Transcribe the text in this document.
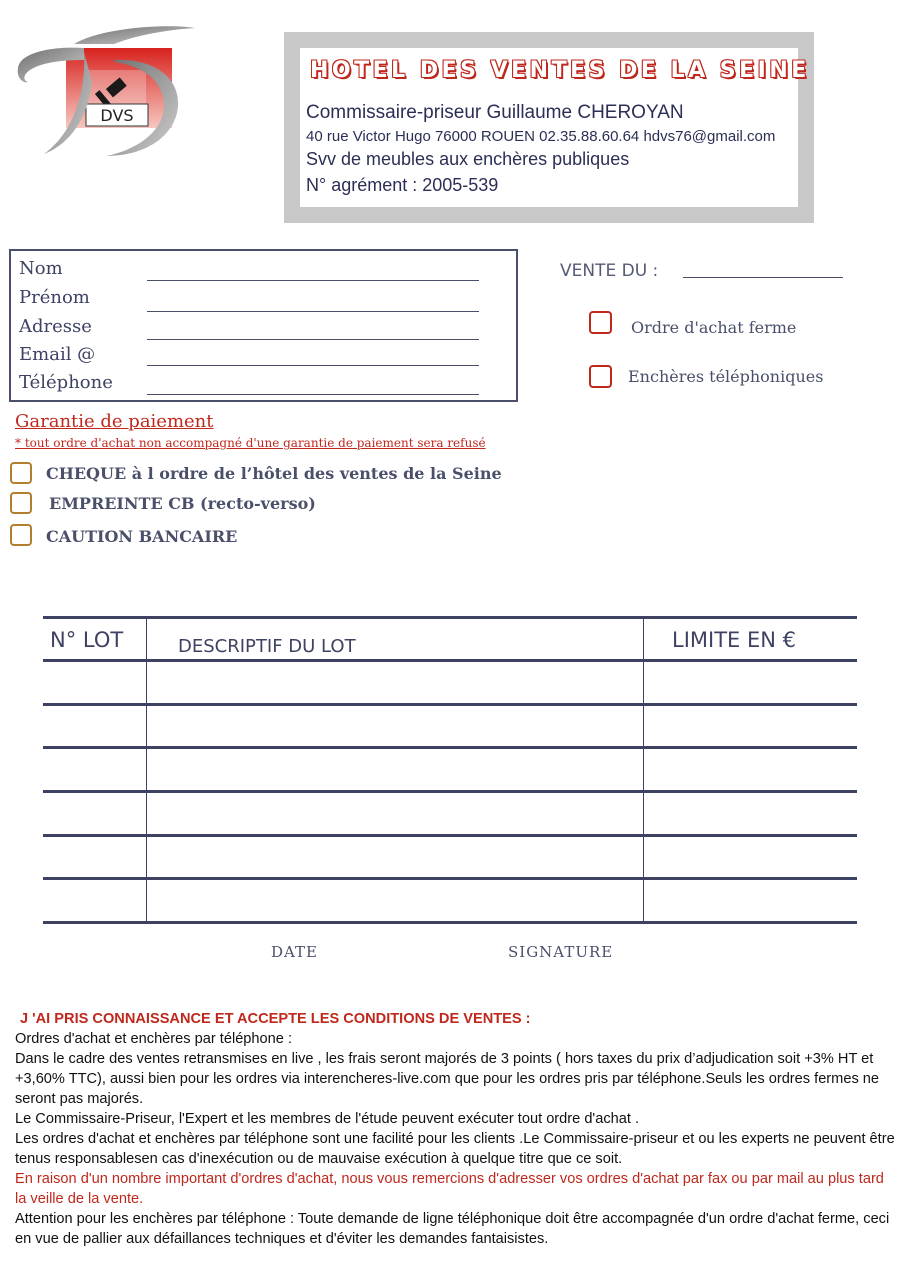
DVS
HOTEL DES VENTES DE LA SEINE
Commissaire-priseur Guillaume CHEROYAN
40 rue Victor Hugo 76000 ROUEN 02.35.88.60.64 hdvs76@gmail.com
Svv de meubles aux enchères publiques
N° agrément : 2005-539
Nom
Prénom
Adresse
Email @
Téléphone
VENTE DU :
Ordre d'achat ferme
Enchères téléphoniques
Garantie de paiement
* tout ordre d'achat non accompagné d'une garantie de paiement sera refusé
CHEQUE à l ordre de l’hôtel des ventes de la Seine
EMPREINTE CB (recto-verso)
CAUTION BANCAIRE
N° LOT	DESCRIPTIF DU LOT	LIMITE EN €
DATE	SIGNATURE

J 'AI PRIS CONNAISSANCE ET ACCEPTE LES CONDITIONS DE VENTES :

Ordres d'achat et enchères par téléphone :

Dans le cadre des ventes retransmises en live , les frais seront majorés de 3 points ( hors taxes du prix d’adjudication soit +3% HT et +3,60% TTC), aussi bien pour les ordres via interencheres-live.com que pour les ordres pris par téléphone.Seuls les ordres fermes ne seront pas majorés.

Le Commissaire-Priseur, l'Expert et les membres de l'étude peuvent exécuter tout ordre d'achat .

Les ordres d'achat et enchères par téléphone sont une facilité pour les clients .Le Commissaire-priseur et ou les experts ne peuvent être tenus responsablesen cas d'inexécution ou de mauvaise exécution à quelque titre que ce soit.

En raison d'un nombre important d'ordres d'achat, nous vous remercions d'adresser vos ordres d'achat par fax ou par mail au plus tard la veille de la vente.

Attention pour les enchères par téléphone : Toute demande de ligne téléphonique doit être accompagnée d'un ordre d'achat ferme, ceci en vue de pallier aux défaillances techniques et d'éviter les demandes fantaisistes.
